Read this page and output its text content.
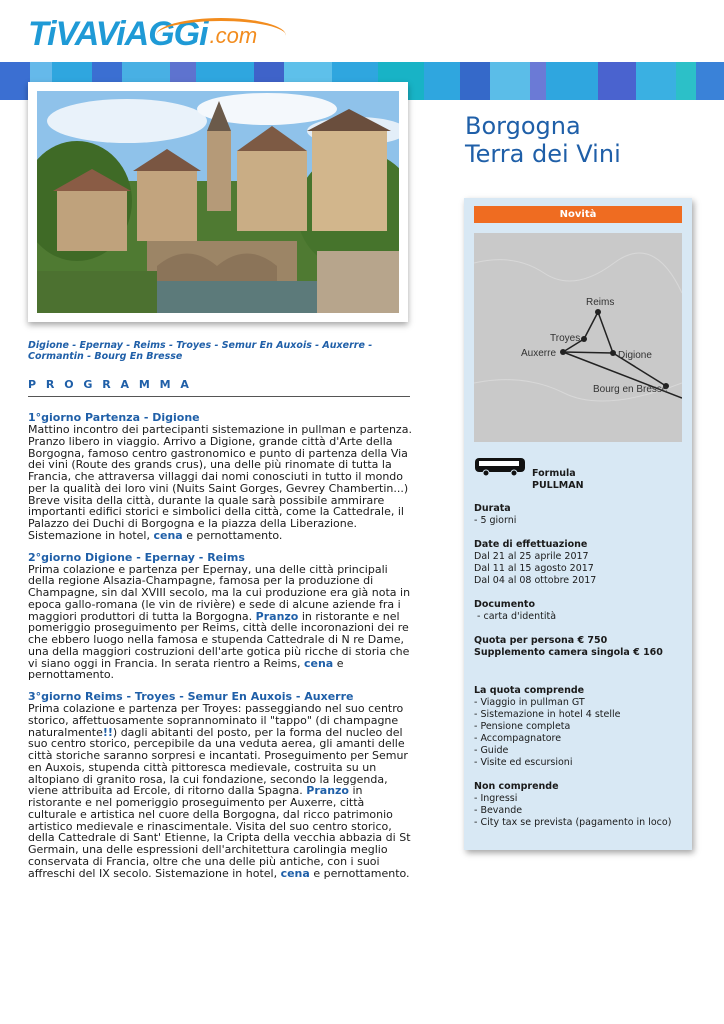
TiVAViAGGi .com
Borgogna
Terra dei Vini

Digione - Epernay - Reims - Troyes - Semur En Auxois - Auxerre - Cormantin - Bourg En Bresse

P R O G R A M M A
1°giorno Partenza - Digione

Mattino incontro dei partecipanti sistemazione in pullman e partenza. Pranzo libero in viaggio. Arrivo a Digione, grande città d'Arte della Borgogna, famoso centro gastronomico e punto di partenza della Via dei vini (Route des grands crus), una delle più rinomate di tutta la Francia, che attraversa villaggi dai nomi conosciuti in tutto il mondo per la qualità dei loro vini (Nuits Saint Gorges, Gevrey Chambertin...) Breve visita della città, durante la quale sarà possibile ammirare importanti edifici storici e simbolici della città, come la Cattedrale, il Palazzo dei Duchi di Borgogna e la piazza della Liberazione. Sistemazione in hotel, cena e pernottamento.

2°giorno Digione - Epernay - Reims

Prima colazione e partenza per Epernay, una delle città principali della regione Alsazia-Champagne, famosa per la produzione di Champagne, sin dal XVIII secolo, ma la cui produzione era già nota in epoca gallo-romana (le vin de rivière) e sede di alcune aziende fra i maggiori produttori di tutta la Borgogna. Pranzo in ristorante e nel pomeriggio proseguimento per Reims, città delle incoronazioni dei re che ebbero luogo nella famosa e stupenda Cattedrale di N re Dame, una della maggiori costruzioni dell'arte gotica più ricche di storia che vi siano oggi in Francia. In serata rientro a Reims, cena e pernottamento.

3°giorno Reims - Troyes - Semur En Auxois - Auxerre

Prima colazione e partenza per Troyes: passeggiando nel suo centro storico, affettuosamente soprannominato il "tappo" (di champagne naturalmente!!) dagli abitanti del posto, per la forma del nucleo del suo centro storico, percepibile da una veduta aerea, gli amanti delle città storiche saranno sorpresi e incantati. Proseguimento per Semur en Auxois, stupenda città pittoresca medievale, costruita su un altopiano di granito rosa, la cui fondazione, secondo la leggenda, viene attribuita ad Ercole, di ritorno dalla Spagna. Pranzo in ristorante e nel pomeriggio proseguimento per Auxerre, città culturale e artistica nel cuore della Borgogna, dal ricco patrimonio artistico medievale e rinascimentale. Visita del suo centro storico, della Cattedrale di Sant' Etienne, la Cripta della vecchia abbazia di St Germain, una delle espressioni dell'architettura carolingia meglio conservata di Francia, oltre che una delle più antiche, con i suoi affreschi del IX secolo. Sistemazione in hotel, cena e pernottamento.

Novità
Reims
Troyes
Auxerre	Digione
Bourg en Bresse
Formula
PULLMAN
Durata

- 5 giorni

Date di effettuazione

Dal 21 al 25 aprile 2017

Dal 11 al 15 agosto 2017

Dal 04 al 08 ottobre 2017

Documento

- carta d'identità

Quota per persona € 750
Supplemento camera singola € 160
La quota comprende

- Viaggio in pullman GT

- Sistemazione in hotel 4 stelle

- Pensione completa

- Accompagnatore

- Guide

- Visite ed escursioni

Non comprende

- Ingressi

- Bevande

- City tax se prevista (pagamento in loco)
